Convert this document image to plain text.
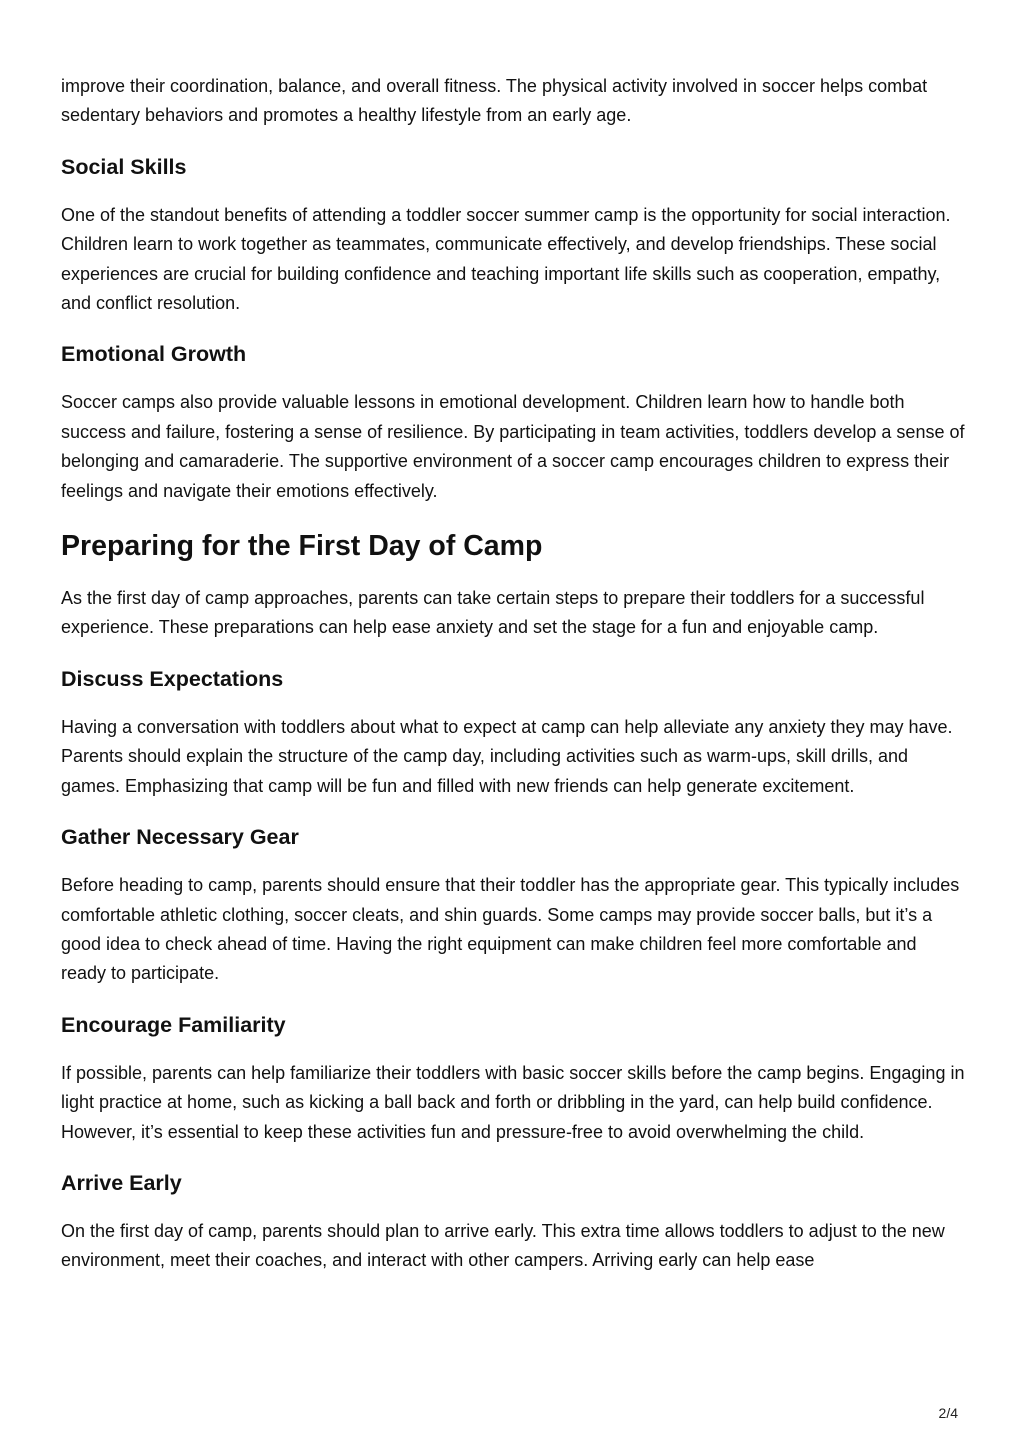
improve their coordination, balance, and overall fitness. The physical activity involved in soccer helps combat sedentary behaviors and promotes a healthy lifestyle from an early age.

Social Skills

One of the standout benefits of attending a toddler soccer summer camp is the opportunity for social interaction. Children learn to work together as teammates, communicate effectively, and develop friendships. These social experiences are crucial for building confidence and teaching important life skills such as cooperation, empathy, and conflict resolution.

Emotional Growth

Soccer camps also provide valuable lessons in emotional development. Children learn how to handle both success and failure, fostering a sense of resilience. By participating in team activities, toddlers develop a sense of belonging and camaraderie. The supportive environment of a soccer camp encourages children to express their feelings and navigate their emotions effectively.

Preparing for the First Day of Camp

As the first day of camp approaches, parents can take certain steps to prepare their toddlers for a successful experience. These preparations can help ease anxiety and set the stage for a fun and enjoyable camp.

Discuss Expectations

Having a conversation with toddlers about what to expect at camp can help alleviate any anxiety they may have. Parents should explain the structure of the camp day, including activities such as warm-ups, skill drills, and games. Emphasizing that camp will be fun and filled with new friends can help generate excitement.

Gather Necessary Gear

Before heading to camp, parents should ensure that their toddler has the appropriate gear. This typically includes comfortable athletic clothing, soccer cleats, and shin guards. Some camps may provide soccer balls, but it’s a good idea to check ahead of time. Having the right equipment can make children feel more comfortable and ready to participate.

Encourage Familiarity

If possible, parents can help familiarize their toddlers with basic soccer skills before the camp begins. Engaging in light practice at home, such as kicking a ball back and forth or dribbling in the yard, can help build confidence. However, it’s essential to keep these activities fun and pressure-free to avoid overwhelming the child.

Arrive Early

On the first day of camp, parents should plan to arrive early. This extra time allows toddlers to adjust to the new environment, meet their coaches, and interact with other campers. Arriving early can help ease

2/4
